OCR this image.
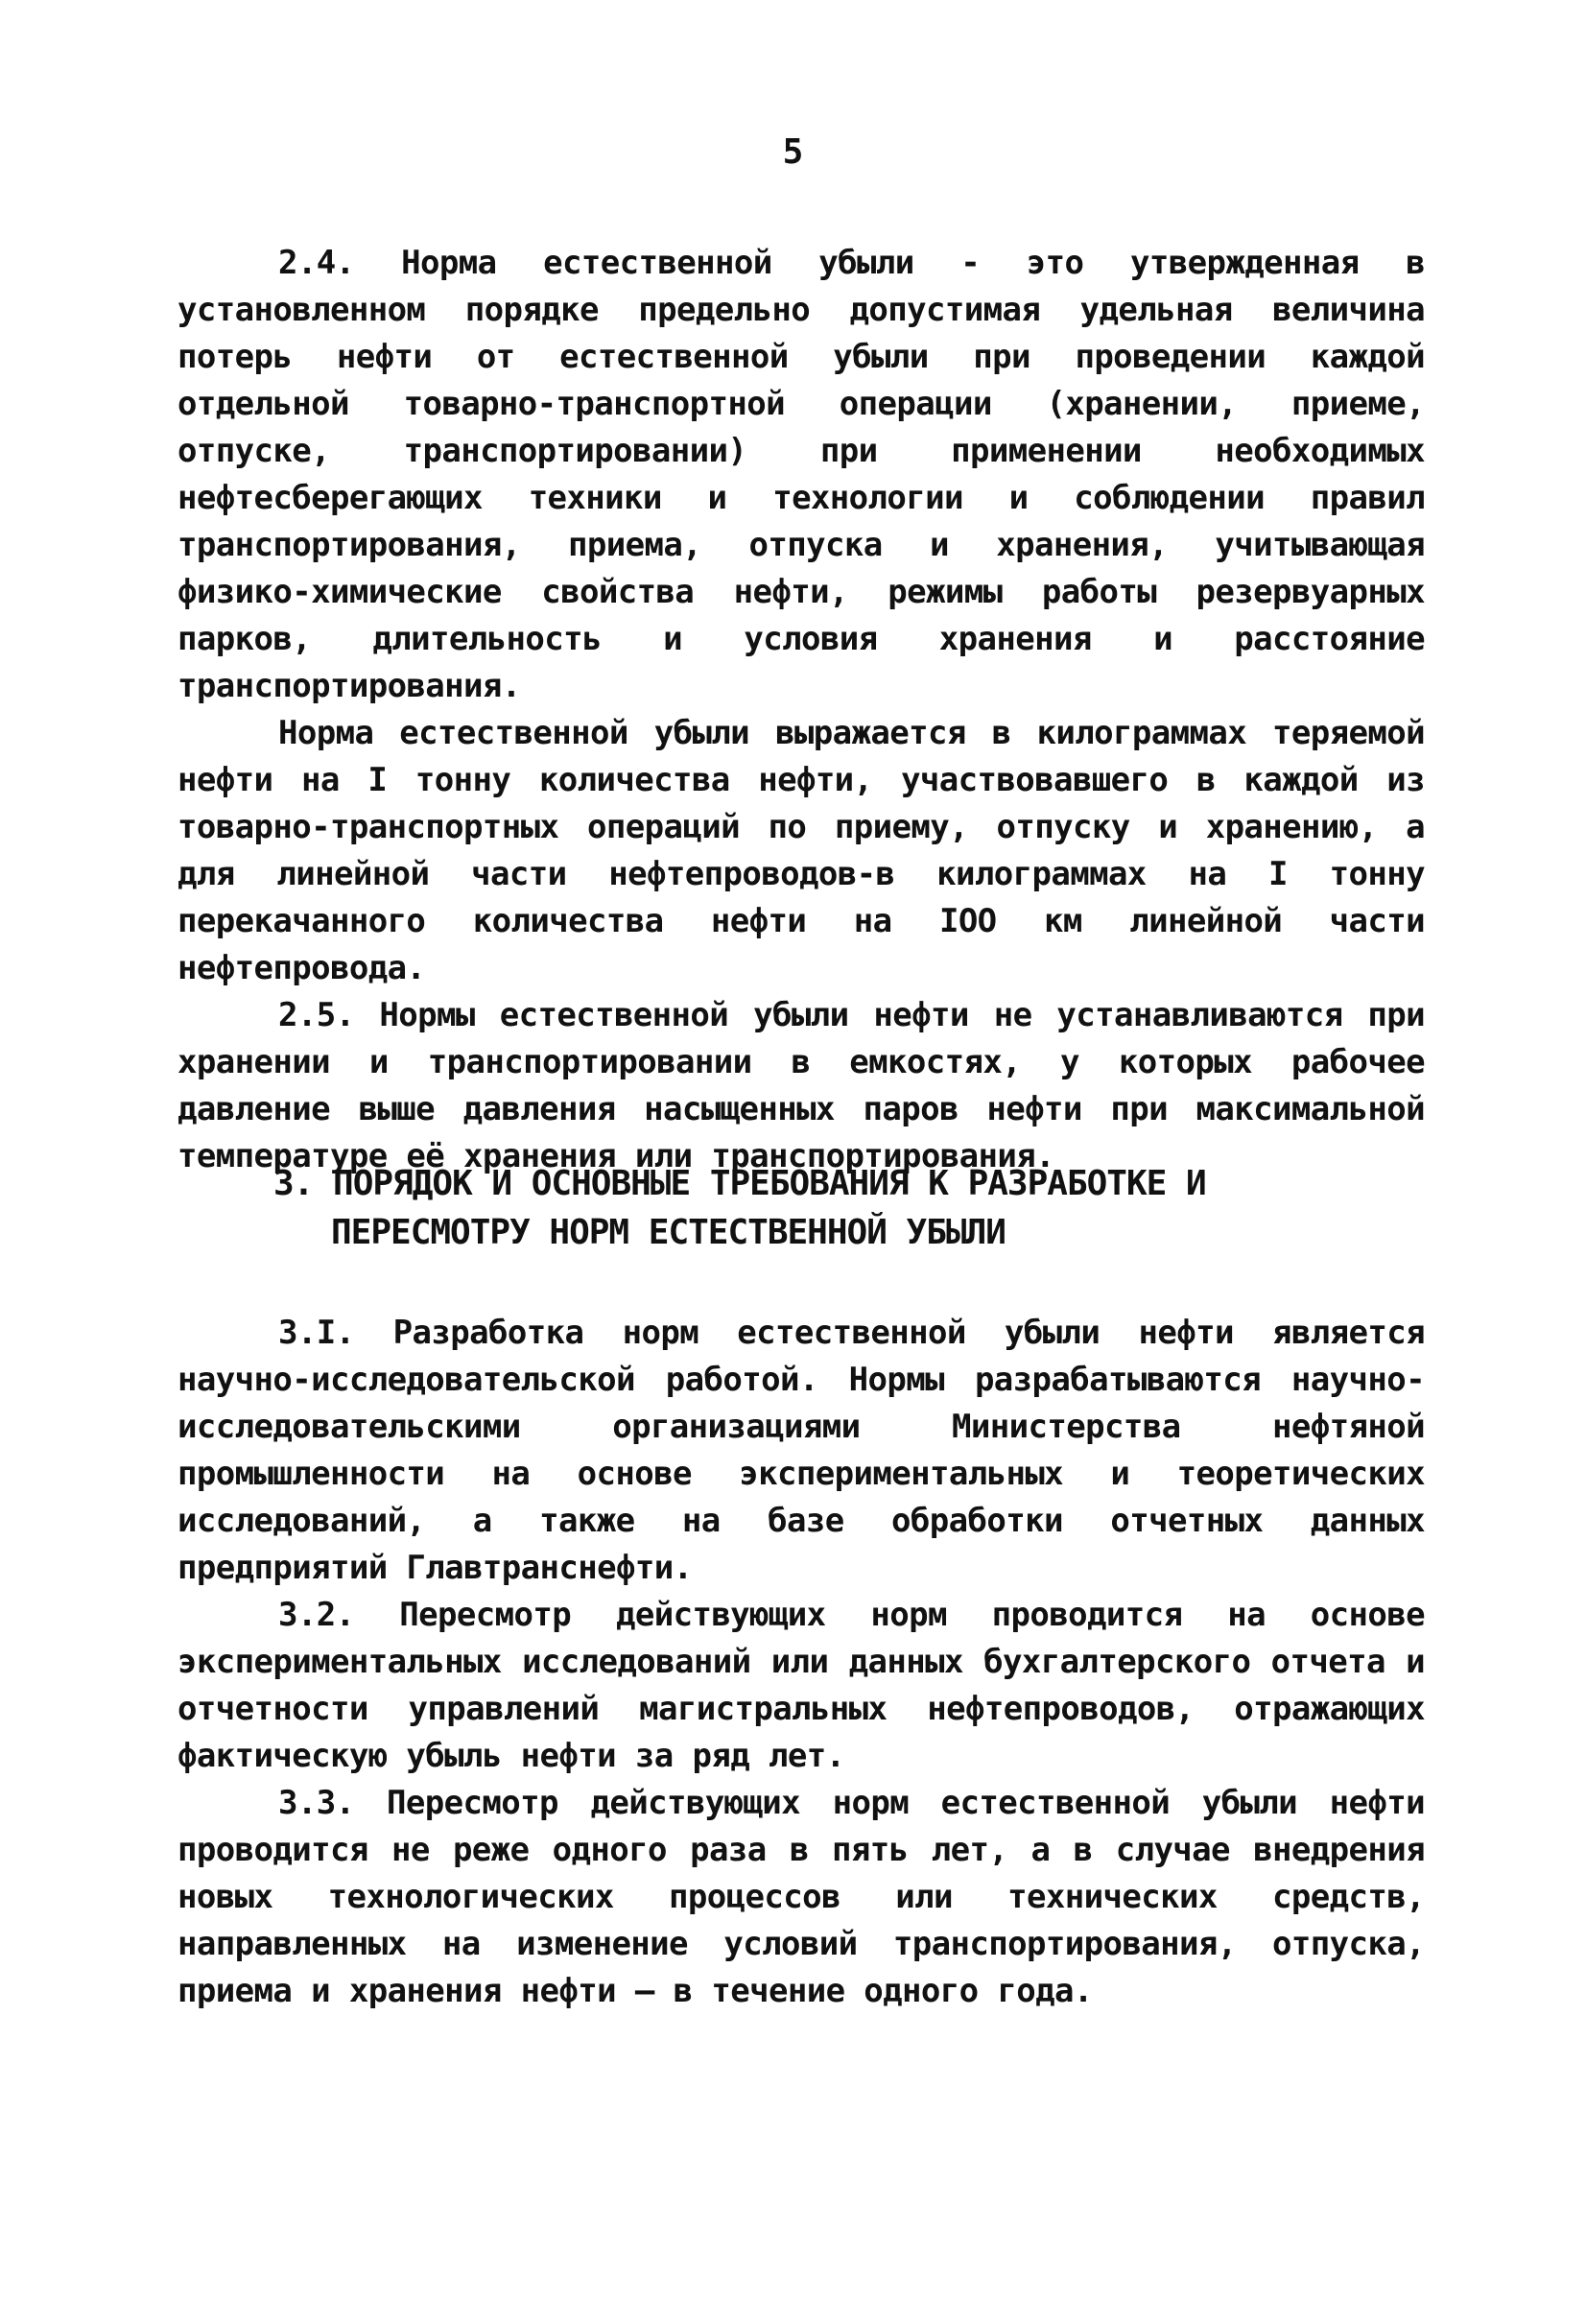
5

2.4. Норма естественной убыли - это утвержденная в установленном порядке предельно допустимая удельная величина потерь нефти от естественной убыли при проведении каждой отдельной товарно-транспортной операции (хранении, приеме, отпуске, транспортировании) при применении необходимых нефтесберегающих техники и технологии и соблюдении правил транспортирования, приема, отпуска и хранения, учитывающая физико-химические свойства нефти, режимы работы резервуарных парков, длительность и условия хранения и расстояние транспортирования.

Норма естественной убыли выражается в килограммах теряемой нефти на I тонну количества нефти, участвовавшего в каждой из товарно-транспортных операций по приему, отпуску и хранению, а для линейной части нефтепроводов-в килограммах на I тонну перекачанного количества нефти на IOO км линейной части нефтепровода.

2.5. Нормы естественной убыли нефти не устанавливаются при хранении и транспортировании в емкостях, у которых рабочее давление выше давления насыщенных паров нефти при максимальной температуре её хранения или транспортирования.

3. ПОРЯДОК И ОСНОВНЫЕ ТРЕБОВАНИЯ К РАЗРАБОТКЕ И
ПЕРЕСМОТРУ НОРМ ЕСТЕСТВЕННОЙ УБЫЛИ

3.I. Разработка норм естественной убыли нефти является научно-исследовательской работой. Нормы разрабатываются научно-исследовательскими организациями Министерства нефтяной промышленности на основе экспериментальных и теоретических исследований, а также на базе обработки отчетных данных предприятий Главтранснефти.

3.2. Пересмотр действующих норм проводится на основе экспериментальных исследований или данных бухгалтерского отчета и отчетности управлений магистральных нефтепроводов, отражающих фактическую убыль нефти за ряд лет.

3.3. Пересмотр действующих норм естественной убыли нефти проводится не реже одного раза в пять лет, а в случае внедрения новых технологических процессов или технических средств, направленных на изменение условий транспортирования, отпуска, приема и хранения нефти — в течение одного года.
